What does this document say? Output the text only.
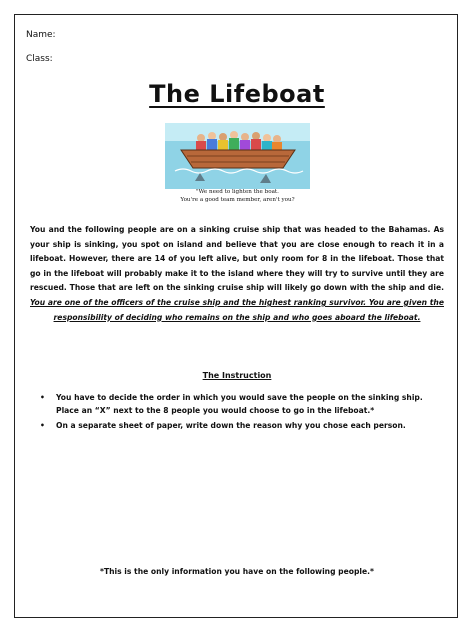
Name:
Class:
The Lifeboat
"We need to lighten the boat.
You're a good team member, aren't you?
You and the following people are on a sinking cruise ship that was headed to the Bahamas. As your ship is sinking, you spot on island and believe that you are close enough to reach it in a lifeboat. However, there are 14 of you left alive, but only room for 8 in the lifeboat. Those that go in the lifeboat will probably make it to the island where they will try to survive until they are rescued. Those that are left on the sinking cruise ship will likely go down with the ship and die. You are one of the officers of the cruise ship and the highest ranking survivor. You are given the responsibility of deciding who remains on the ship and who goes aboard the lifeboat.
The Instruction
• You have to decide the order in which you would save the people on the sinking ship. Place an “X” next to the 8 people you would choose to go in the lifeboat.*
• On a separate sheet of paper, write down the reason why you chose each person.
*This is the only information you have on the following people.*
